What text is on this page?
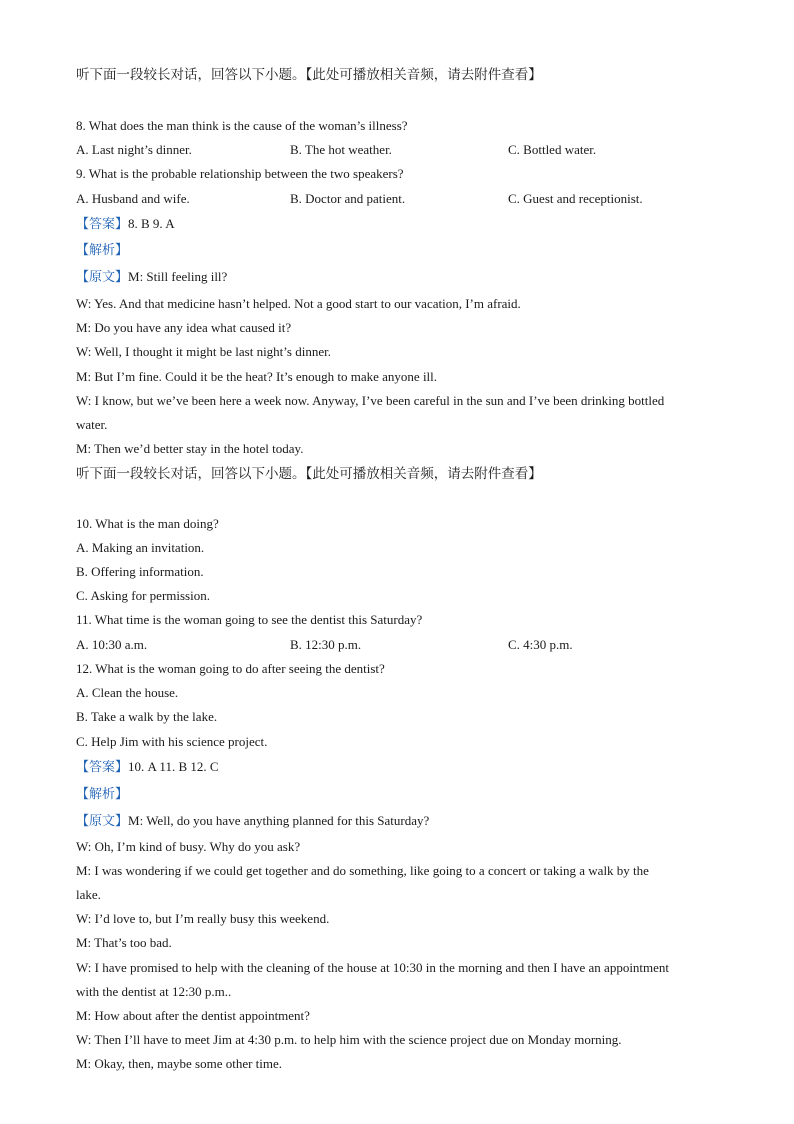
听下面一段较长对话，回答以下小题。【此处可播放相关音频，请去附件查看】
8. What does the man think is the cause of the woman’s illness?
A. Last night’s dinner.	B. The hot weather.	C. Bottled water.
9. What is the probable relationship between the two speakers?
A. Husband and wife.	B. Doctor and patient.	C. Guest and receptionist.
【答案】8. B 9. A
【解析】
【原文】M: Still feeling ill?
W: Yes. And that medicine hasn’t helped. Not a good start to our vacation, I’m afraid.
M: Do you have any idea what caused it?
W: Well, I thought it might be last night’s dinner.
M: But I’m fine. Could it be the heat? It’s enough to make anyone ill.
W: I know, but we’ve been here a week now. Anyway, I’ve been careful in the sun and I’ve been drinking bottled
water.
M: Then we’d better stay in the hotel today.
听下面一段较长对话，回答以下小题。【此处可播放相关音频，请去附件查看】
10. What is the man doing?
A. Making an invitation.
B. Offering information.
C. Asking for permission.
11. What time is the woman going to see the dentist this Saturday?
A. 10:30 a.m.	B. 12:30 p.m.	C. 4:30 p.m.
12. What is the woman going to do after seeing the dentist?
A. Clean the house.
B. Take a walk by the lake.
C. Help Jim with his science project.
【答案】10. A 11. B 12. C
【解析】
【原文】M: Well, do you have anything planned for this Saturday?
W: Oh, I’m kind of busy. Why do you ask?
M: I was wondering if we could get together and do something, like going to a concert or taking a walk by the
lake.
W: I’d love to, but I’m really busy this weekend.
M: That’s too bad.
W: I have promised to help with the cleaning of the house at 10:30 in the morning and then I have an appointment
with the dentist at 12:30 p.m..
M: How about after the dentist appointment?
W: Then I’ll have to meet Jim at 4:30 p.m. to help him with the science project due on Monday morning.
M: Okay, then, maybe some other time.
